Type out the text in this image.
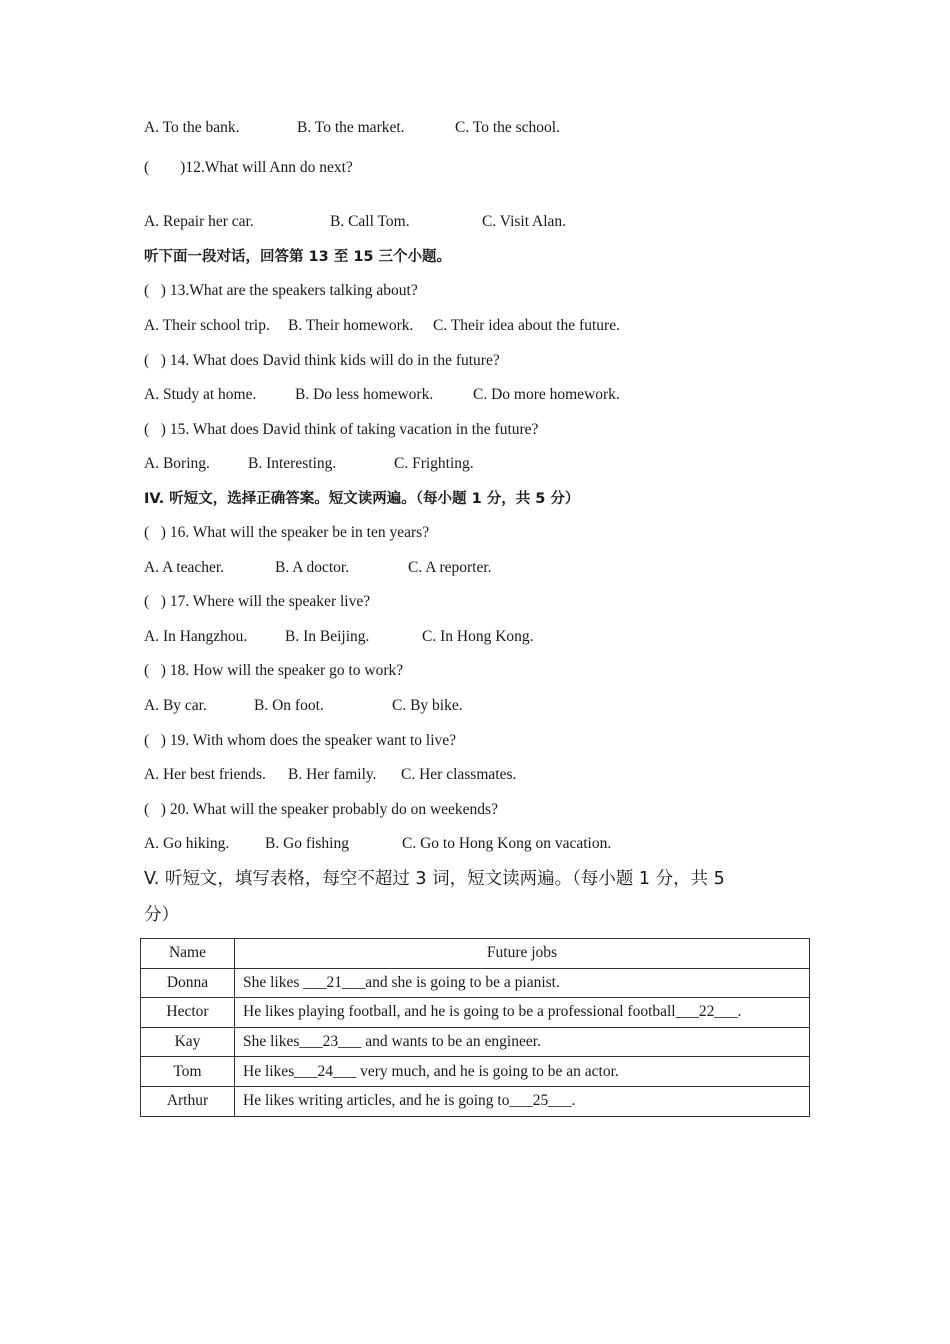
A. To the bank.	B. To the market.	C. To the school.
(        )12.What will Ann do next?
A. Repair her car.	B. Call Tom.	C. Visit Alan.
听下面一段对话，回答第 13 至 15 三个小题。
(   ) 13.What are the speakers talking about?
A. Their school trip. B. Their homework. C. Their idea about the future.
(   ) 14. What does David think kids will do in the future?
A. Study at home. B. Do less homework.	C. Do more homework.
(   ) 15. What does David think of taking vacation in the future?
A. Boring. B. Interesting.	C. Frighting.
IV. 听短文，选择正确答案。短文读两遍。（每小题 1 分，共 5 分）
(   ) 16. What will the speaker be in ten years?
A. A teacher.	B. A doctor.	C. A reporter.
(   ) 17. Where will the speaker live?
A. In Hangzhou. B. In Beijing.	C. In Hong Kong.
(   ) 18. How will the speaker go to work?
A. By car.	B. On foot.	C. By bike.
(   ) 19. With whom does the speaker want to live?
A. Her best friends. B. Her family. C. Her classmates.
(   ) 20. What will the speaker probably do on weekends?
A. Go hiking. B. Go fishing	C. Go to Hong Kong on vacation.
V. 听短文，填写表格，每空不超过 3 词，短文读两遍。（每小题 1 分，共 5
分）
Name	Future jobs
Donna	She likes ___21___and she is going to be a pianist.
Hector	He likes playing football, and he is going to be a professional football___22___.
Kay	She likes___23___ and wants to be an engineer.
Tom	He likes___24___ very much, and he is going to be an actor.
Arthur	He likes writing articles, and he is going to___25___.
